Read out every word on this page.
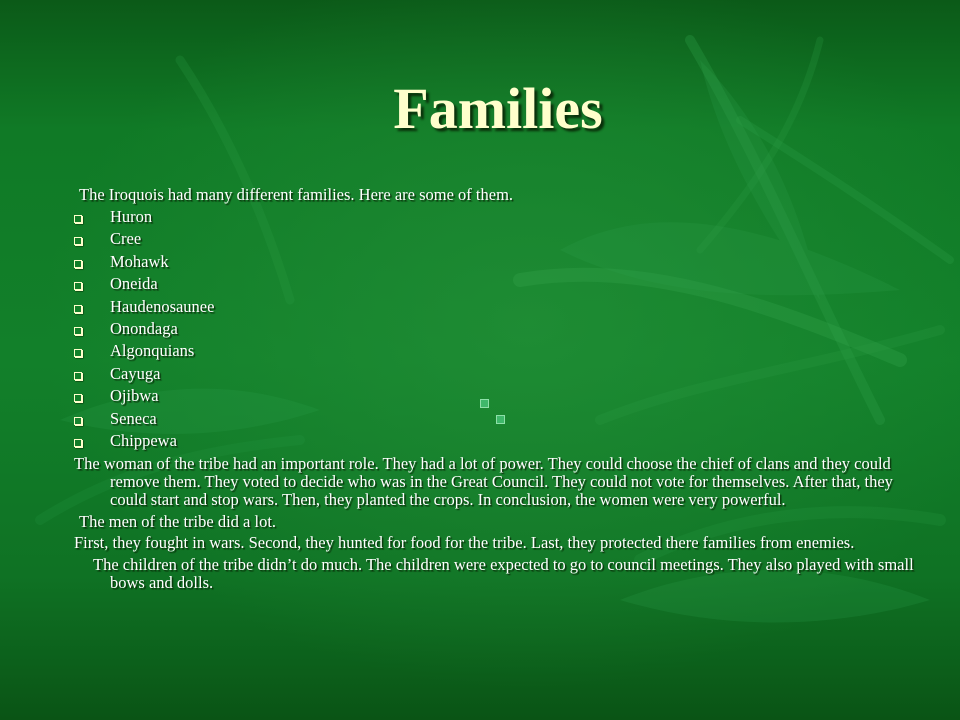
Families

The Iroquois had many different families. Here are some of them.

Huron
Cree
Mohawk
Oneida
Haudenosaunee
Onondaga
Algonquians
Cayuga
Ojibwa
Seneca
Chippewa

The woman of the tribe had an important role. They had a lot of power. They could choose the chief of clans and they could remove them. They voted to decide who was in the Great Council. They could not vote for themselves. After that, they could start and stop wars. Then, they planted the crops. In conclusion, the women were very powerful.

The men of the tribe did a lot.

First, they fought in wars. Second, they hunted for food for the tribe. Last, they protected there families from enemies.

The children of the tribe didn’t do much. The children were expected to go to council meetings. They also played with small bows and dolls.
